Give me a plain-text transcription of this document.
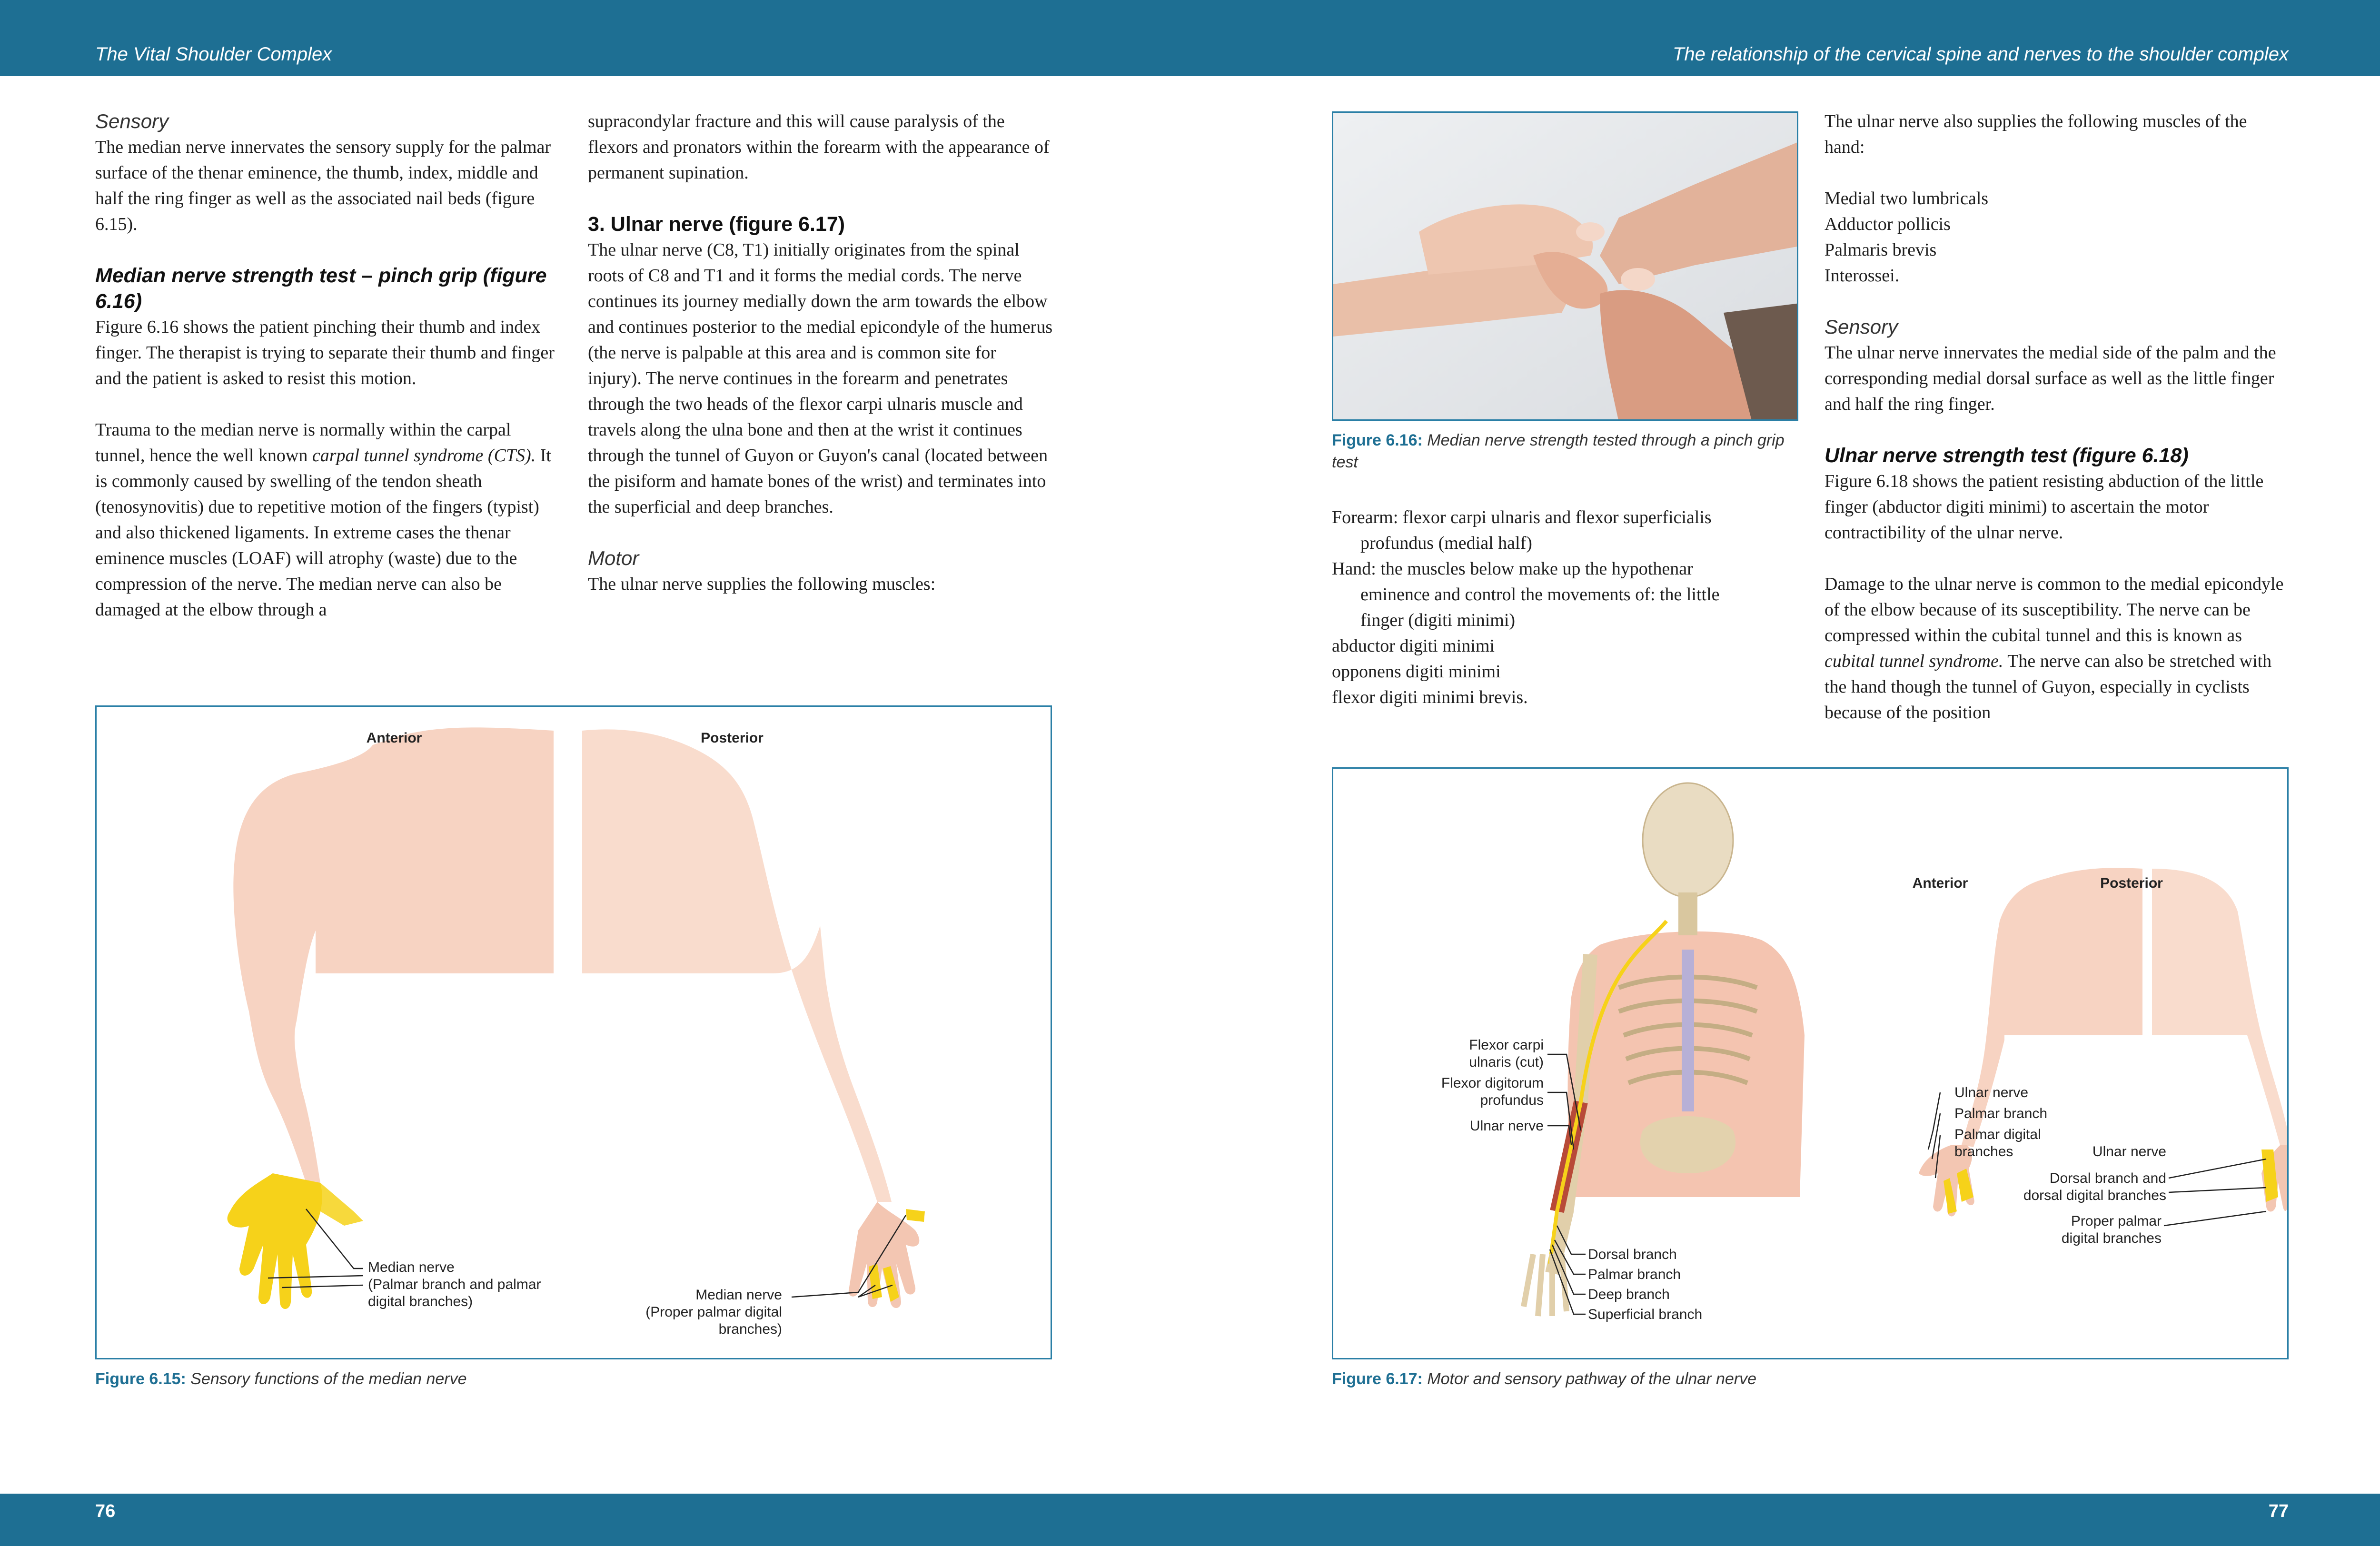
The Vital Shoulder Complex	The relationship of the cervical spine and nerves to the shoulder complex
76	77

Sensory

The median nerve innervates the sensory supply for the palmar surface of the thenar eminence, the thumb, index, middle and half the ring finger as well as the associated nail beds (figure 6.15).

Median nerve strength test – pinch grip (figure 6.16)

Figure 6.16 shows the patient pinching their thumb and index finger. The therapist is trying to separate their thumb and finger and the patient is asked to resist this motion.

Trauma to the median nerve is normally within the carpal tunnel, hence the well known carpal tunnel syndrome (CTS). It is commonly caused by swelling of the tendon sheath (tenosynovitis) due to repetitive motion of the fingers (typist) and also thickened ligaments. In extreme cases the thenar eminence muscles (LOAF) will atrophy (waste) due to the compression of the nerve. The median nerve can also be damaged at the elbow through a

supracondylar fracture and this will cause paralysis of the flexors and pronators within the forearm with the appearance of permanent supination.

3. Ulnar nerve (figure 6.17)

The ulnar nerve (C8, T1) initially originates from the spinal roots of C8 and T1 and it forms the medial cords. The nerve continues its journey medially down the arm towards the elbow and continues posterior to the medial epicondyle of the humerus (the nerve is palpable at this area and is common site for injury). The nerve continues in the forearm and penetrates through the two heads of the flexor carpi ulnaris muscle and travels along the ulna bone and then at the wrist it continues through the tunnel of Guyon or Guyon's canal (located between the pisiform and hamate bones of the wrist) and terminates into the superficial and deep branches.

Motor

The ulnar nerve supplies the following muscles:

Figure 6.16: Median nerve strength tested through a pinch grip test

Forearm: flexor carpi ulnaris and flexor superficialis

profundus (medial half)

Hand: the muscles below make up the hypothenar

eminence and control the movements of: the little

finger (digiti minimi)

abductor digiti minimi

opponens digiti minimi

flexor digiti minimi brevis.

The ulnar nerve also supplies the following muscles of the hand:

Medial two lumbricals

Adductor pollicis

Palmaris brevis

Interossei.

Sensory

The ulnar nerve innervates the medial side of the palm and the corresponding medial dorsal surface as well as the little finger and half the ring finger.

Ulnar nerve strength test (figure 6.18)

Figure 6.18 shows the patient resisting abduction of the little finger (abductor digiti minimi) to ascertain the motor contractibility of the ulnar nerve.

Damage to the ulnar nerve is common to the medial epicondyle of the elbow because of its susceptibility. The nerve can be compressed within the cubital tunnel and this is known as cubital tunnel syndrome. The nerve can also be stretched with the hand though the tunnel of Guyon, especially in cyclists because of the position

Anterior	Posterior
Median nerve
(Palmar branch and palmar
digital branches)	Median nerve
(Proper palmar digital
branches)
Figure 6.15: Sensory functions of the median nerve
Flexor carpi
ulnaris (cut)
Flexor digitorum
profundus
Ulnar nerve
Dorsal branch
Palmar branch
Deep branch
Superficial branch
Anterior	Posterior
Ulnar nerve
Palmar branch
Palmar digital
branches	Ulnar nerve
Dorsal branch and
dorsal digital branches
Proper palmar
digital branches
Figure 6.17: Motor and sensory pathway of the ulnar nerve
